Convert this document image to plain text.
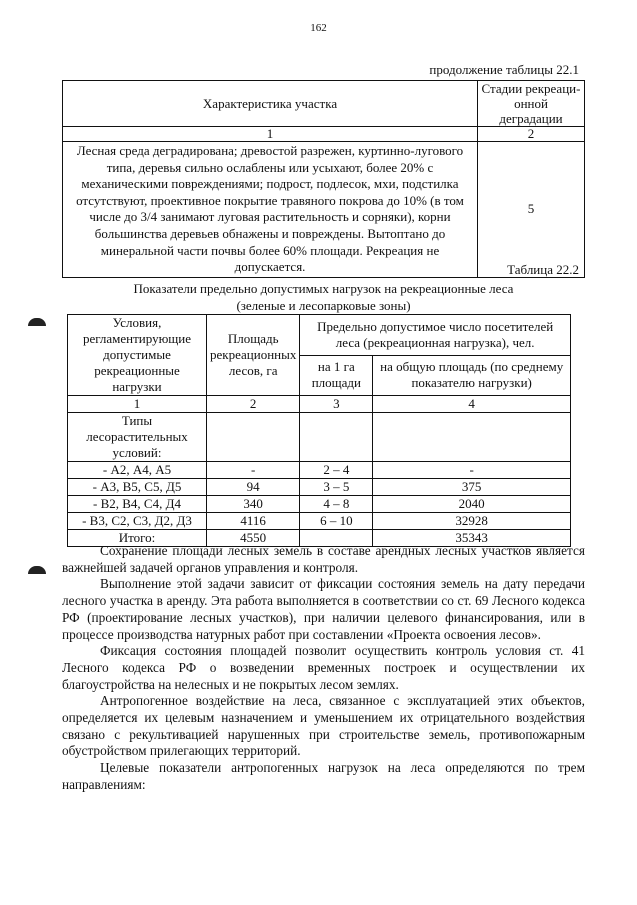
162
продолжение таблицы 22.1
Характеристика участка	Стадии рекреаци-онной деградации
1	2
Лесная среда деградирована; древостой разрежен, куртинно-лугового типа, деревья сильно ослаблены или усыхают, более 20% с механическими повреждениями; подрост, подлесок, мхи, подстилка отсутствуют, проективное покрытие травяного покрова до 10% (в том числе до 3/4 занимают луговая растительность и сорняки), корни большинства деревьев обнажены и повреждены. Вытоптано до минеральной части почвы более 60% площади. Рекреация не допускается.	5
Таблица 22.2
Показатели предельно допустимых нагрузок на рекреационные леса
(зеленые и лесопарковые зоны)
Условия, регламентирующие допустимые рекреационные нагрузки	Площадь рекреационных лесов, га	Предельно допустимое число посетителей леса (рекреационная нагрузка), чел.	
		на 1 га площади	на общую площадь (по среднему показателю нагрузки)
1	2	3	4
Типы лесорастительных условий:			
- А2, А4, А5	-	2 – 4	-
- А3, В5, С5, Д5	94	3 – 5	375
- В2, В4, С4, Д4	340	4 – 8	2040
- В3, С2, С3, Д2, Д3	4116	6 – 10	32928
Итого:	4550		35343

Сохранение площади лесных земель в составе арендных лесных участков является важнейшей задачей органов управления и контроля.

Выполнение этой задачи зависит от фиксации состояния земель на дату передачи лесного участка в аренду. Эта работа выполняется в соответствии со ст. 69 Лесного кодекса РФ (проектирование лесных участков), при наличии целевого финансирования, или в процессе производства натурных работ при составлении «Проекта освоения лесов».

Фиксация состояния площадей позволит осуществить контроль условия ст. 41 Лесного кодекса РФ о возведении временных построек и осуществлении их благоустройства на нелесных и не покрытых лесом землях.

Антропогенное воздействие на леса, связанное с эксплуатацией этих объектов, определяется их целевым назначением и уменьшением их отрицательного воздействия связано с рекультивацией нарушенных при строительстве земель, противопожарным обустройством прилегающих территорий.

Целевые показатели антропогенных нагрузок на леса определяются по трем направлениям:
